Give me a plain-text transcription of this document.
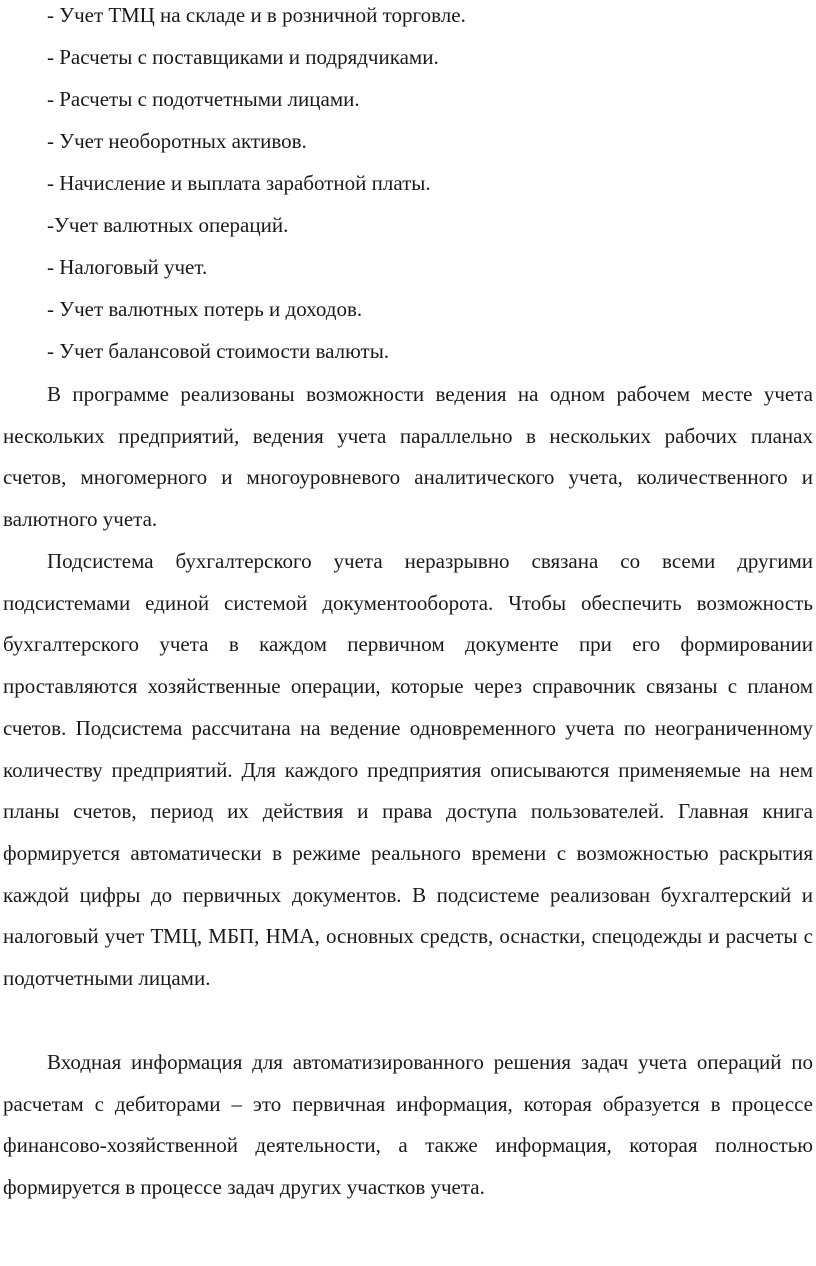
- Учет ТМЦ на складе и в розничной торговле.
- Расчеты с поставщиками и подрядчиками.
- Расчеты с подотчетными лицами.
- Учет необоротных активов.
- Начисление и выплата заработной платы.
-Учет валютных операций.
- Налоговый учет.
- Учет валютных потерь и доходов.
- Учет балансовой стоимости валюты.

В программе реализованы возможности ведения на одном рабочем месте учета нескольких предприятий, ведения учета параллельно в нескольких рабочих планах счетов, многомерного и многоуровневого аналитического учета, количественного и валютного учета.

Подсистема бухгалтерского учета неразрывно связана со всеми другими подсистемами единой системой документооборота. Чтобы обеспечить возможность бухгалтерского учета в каждом первичном документе при его формировании проставляются хозяйственные операции, которые через справочник связаны с планом счетов. Подсистема рассчитана на ведение одновременного учета по неограниченному количеству предприятий. Для каждого предприятия описываются применяемые на нем планы счетов, период их действия и права доступа пользователей. Главная книга формируется автоматически в режиме реального времени с возможностью раскрытия каждой цифры до первичных документов. В подсистеме реализован бухгалтерский и налоговый учет ТМЦ, МБП, НМА, основных средств, оснастки, спецодежды и расчеты с подотчетными лицами.

Входная информация для автоматизированного решения задач учета операций по расчетам с дебиторами – это первичная информация, которая образуется в процессе финансово-хозяйственной деятельности, а также информация, которая полностью формируется в процессе задач других участков учета.
